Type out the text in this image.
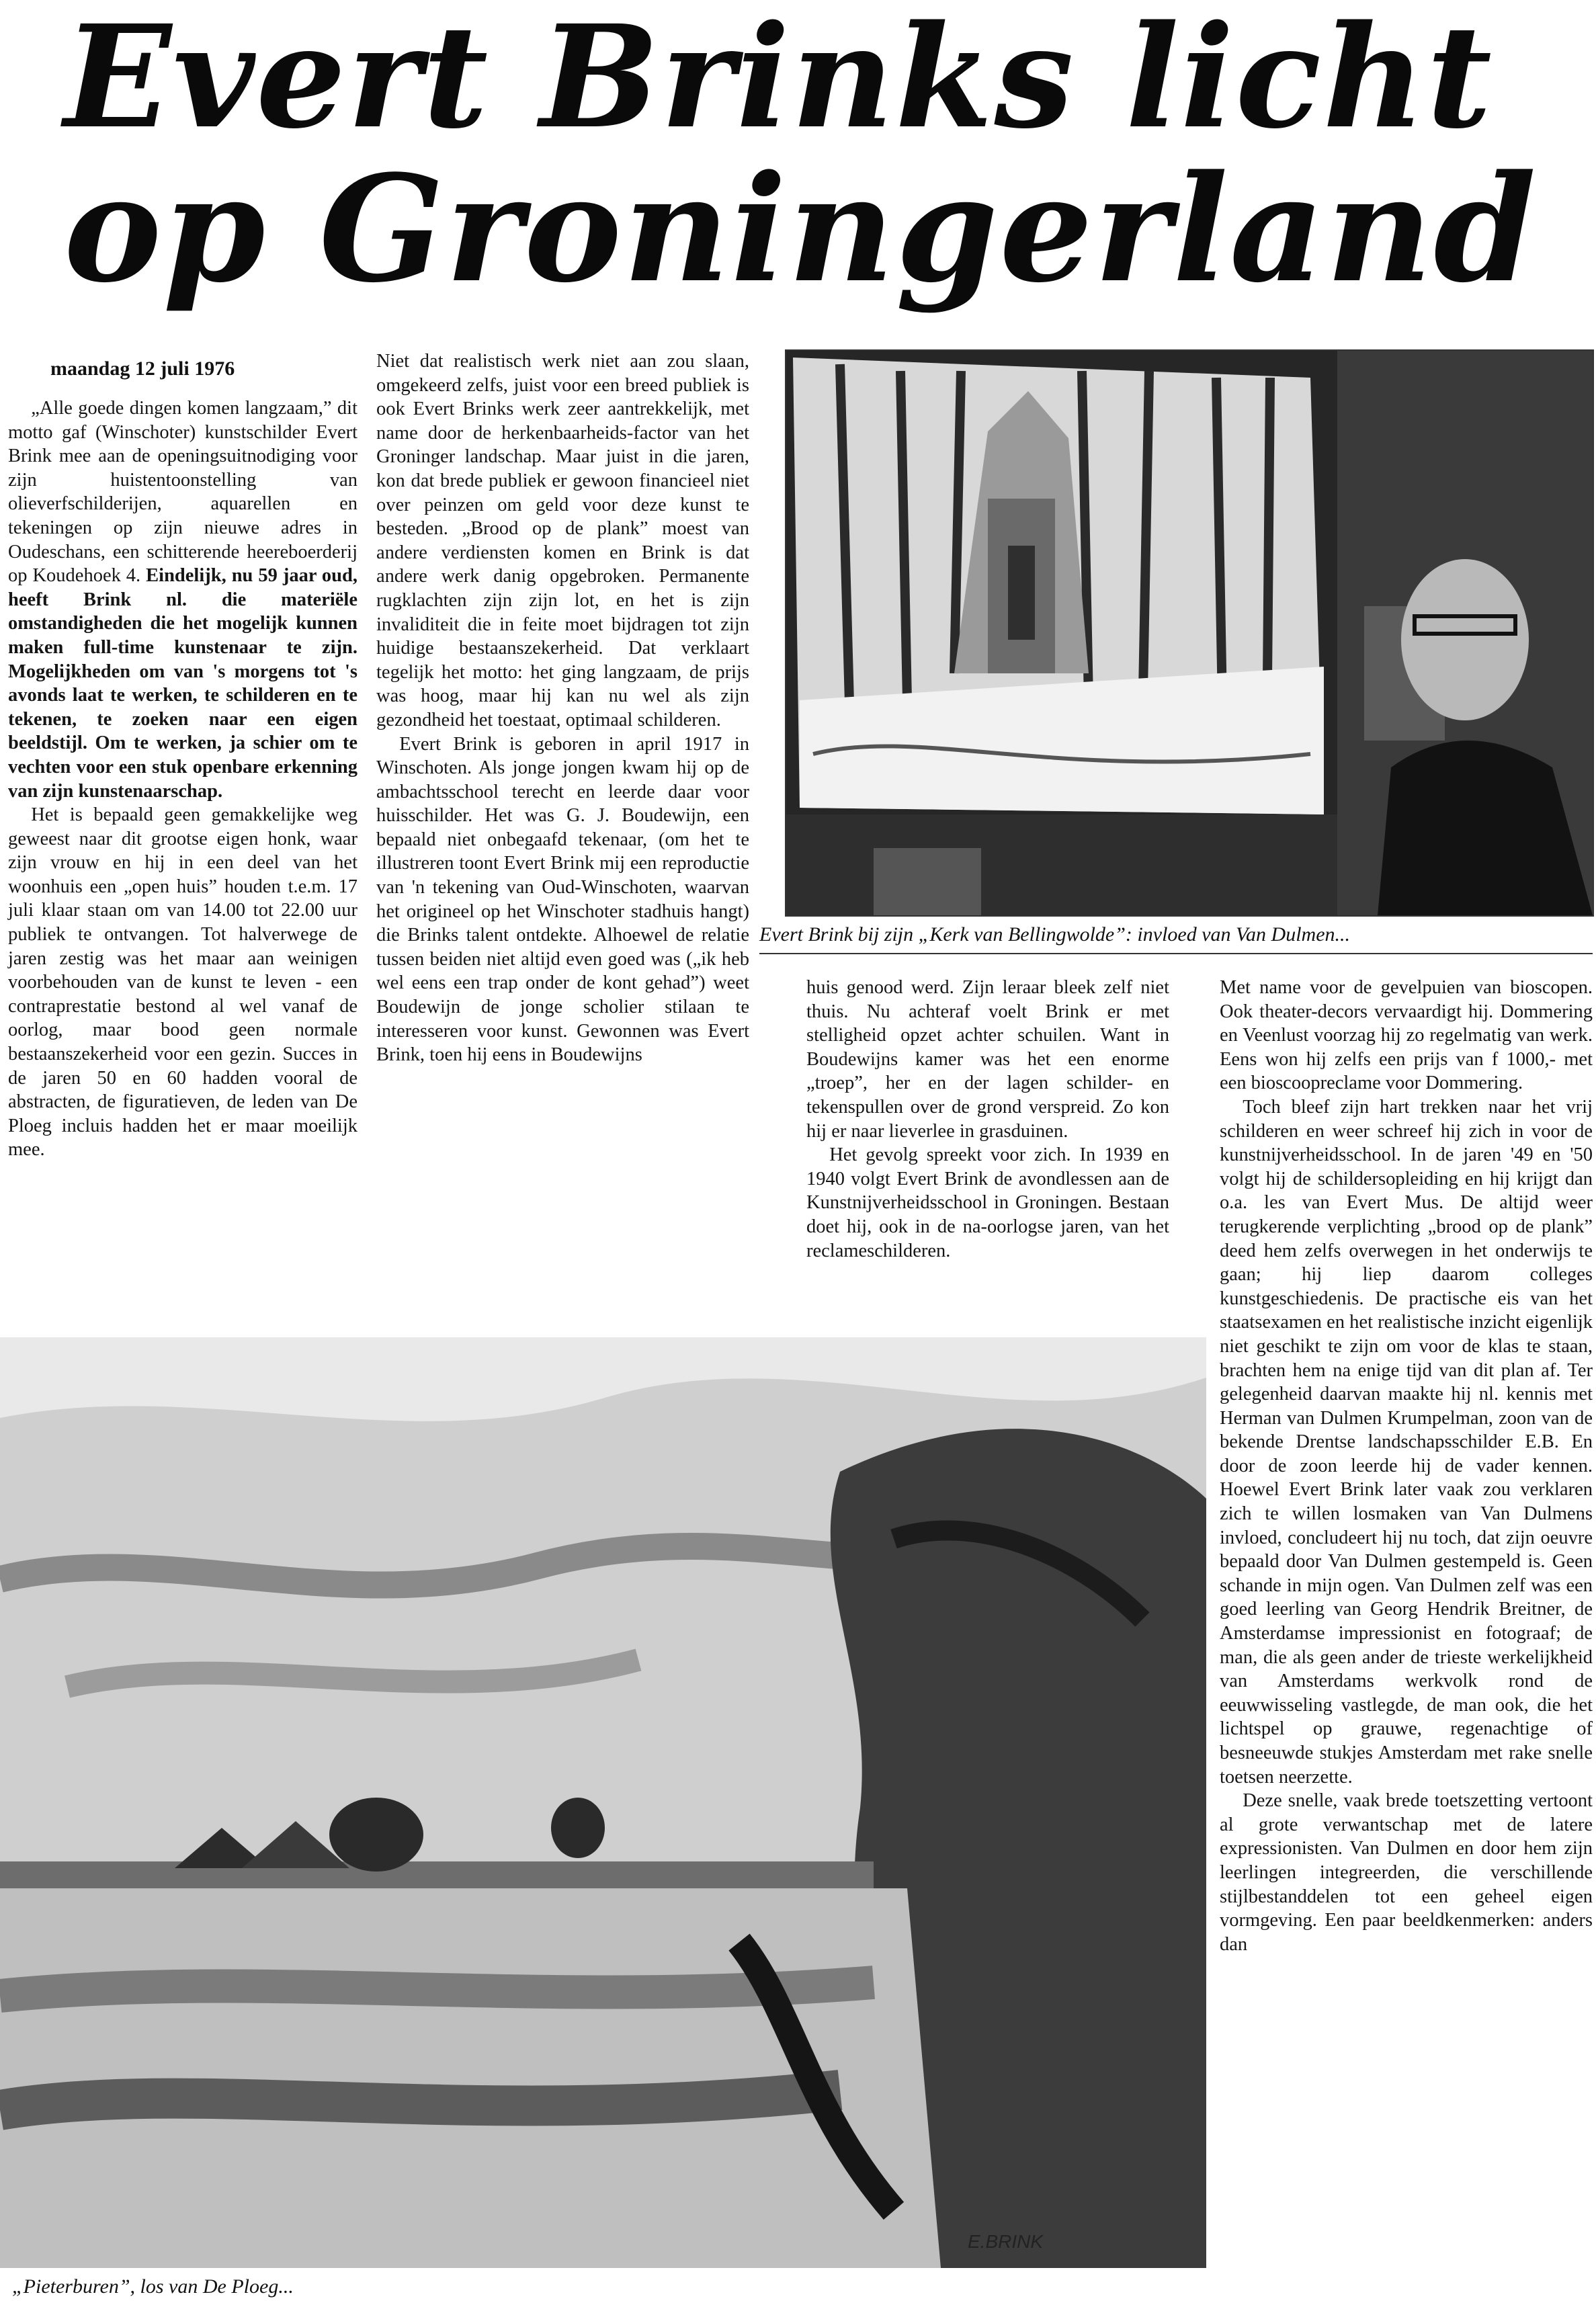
Evert Brinks licht
op Groningerland

maandag 12 juli 1976

„Alle goede dingen komen langzaam,” dit motto gaf (Winschoter) kunstschilder Evert Brink mee aan de openingsuitnodiging voor zijn huistentoonstelling van olieverfschilderijen, aquarellen en tekeningen op zijn nieuwe adres in Oudeschans, een schitterende heereboerderij op Koudehoek 4. Eindelijk, nu 59 jaar oud, heeft Brink nl. die materiële omstandigheden die het mogelijk kunnen maken full-time kunstenaar te zijn. Mogelijkheden om van 's morgens tot 's avonds laat te werken, te schilderen en te tekenen, te zoeken naar een eigen beeldstijl. Om te werken, ja schier om te vechten voor een stuk openbare erkenning van zijn kunstenaarschap.

Het is bepaald geen gemakkelijke weg geweest naar dit grootse eigen honk, waar zijn vrouw en hij in een deel van het woonhuis een „open huis” houden t.e.m. 17 juli klaar staan om van 14.00 tot 22.00 uur publiek te ontvangen. Tot halverwege de jaren zestig was het maar aan weinigen voorbehouden van de kunst te leven - een contraprestatie bestond al wel vanaf de oorlog, maar bood geen normale bestaanszekerheid voor een gezin. Succes in de jaren 50 en 60 hadden vooral de abstracten, de figuratieven, de leden van De Ploeg incluis hadden het er maar moeilijk mee.

Niet dat realistisch werk niet aan zou slaan, omgekeerd zelfs, juist voor een breed publiek is ook Evert Brinks werk zeer aantrekkelijk, met name door de herkenbaarheids-factor van het Groninger landschap. Maar juist in die jaren, kon dat brede publiek er gewoon financieel niet over peinzen om geld voor deze kunst te besteden. „Brood op de plank” moest van andere verdiensten komen en Brink is dat andere werk danig opgebroken. Permanente rugklachten zijn zijn lot, en het is zijn invaliditeit die in feite moet bijdragen tot zijn huidige bestaanszekerheid. Dat verklaart tegelijk het motto: het ging langzaam, de prijs was hoog, maar hij kan nu wel als zijn gezondheid het toestaat, optimaal schilderen.

Evert Brink is geboren in april 1917 in Winschoten. Als jonge jongen kwam hij op de ambachtsschool terecht en leerde daar voor huisschilder. Het was G. J. Boudewijn, een bepaald niet onbegaafd tekenaar, (om het te illustreren toont Evert Brink mij een reproductie van 'n tekening van Oud-Winschoten, waarvan het origineel op het Winschoter stadhuis hangt) die Brinks talent ontdekte. Alhoewel de relatie tussen beiden niet altijd even goed was („ik heb wel eens een trap onder de kont gehad”) weet Boudewijn de jonge scholier stilaan te interesseren voor kunst. Gewonnen was Evert Brink, toen hij eens in Boudewijns

Evert Brink bij zijn „Kerk van Bellingwolde”: invloed van Van Dulmen...

huis genood werd. Zijn leraar bleek zelf niet thuis. Nu achteraf voelt Brink er met stelligheid opzet achter schuilen. Want in Boudewijns kamer was het een enorme „troep”, her en der lagen schilder- en tekenspullen over de grond verspreid. Zo kon hij er naar lieverlee in grasduinen.

Het gevolg spreekt voor zich. In 1939 en 1940 volgt Evert Brink de avondlessen aan de Kunstnijverheidsschool in Groningen. Bestaan doet hij, ook in de na-oorlogse jaren, van het reclameschilderen.

Met name voor de gevelpuien van bioscopen. Ook theater-decors vervaardigt hij. Dommering en Veenlust voorzag hij zo regelmatig van werk. Eens won hij zelfs een prijs van f 1000,- met een bioscoopreclame voor Dommering.

Toch bleef zijn hart trekken naar het vrij schilderen en weer schreef hij zich in voor de kunstnijverheidsschool. In de jaren '49 en '50 volgt hij de schildersopleiding en hij krijgt dan o.a. les van Evert Mus. De altijd weer terugkerende verplichting „brood op de plank” deed hem zelfs overwegen in het onderwijs te gaan; hij liep daarom colleges kunstgeschiedenis. De practische eis van het staatsexamen en het realistische inzicht eigenlijk niet geschikt te zijn om voor de klas te staan, brachten hem na enige tijd van dit plan af. Ter gelegenheid daarvan maakte hij nl. kennis met Herman van Dulmen Krumpelman, zoon van de bekende Drentse landschapsschilder E.B. En door de zoon leerde hij de vader kennen. Hoewel Evert Brink later vaak zou verklaren zich te willen losmaken van Van Dulmens invloed, concludeert hij nu toch, dat zijn oeuvre bepaald door Van Dulmen gestempeld is. Geen schande in mijn ogen. Van Dulmen zelf was een goed leerling van Georg Hendrik Breitner, de Amsterdamse impressionist en fotograaf; de man, die als geen ander de trieste werkelijkheid van Amsterdams werkvolk rond de eeuwwisseling vastlegde, de man ook, die het lichtspel op grauwe, regenachtige of besneeuwde stukjes Amsterdam met rake snelle toetsen neerzette.

Deze snelle, vaak brede toetszetting vertoont al grote verwantschap met de latere expressionisten. Van Dulmen en door hem zijn leerlingen integreerden, die verschillende stijlbestanddelen tot een geheel eigen vormgeving. Een paar beeldkenmerken: anders dan

E.BRINK

„Pieterburen”, los van De Ploeg...
